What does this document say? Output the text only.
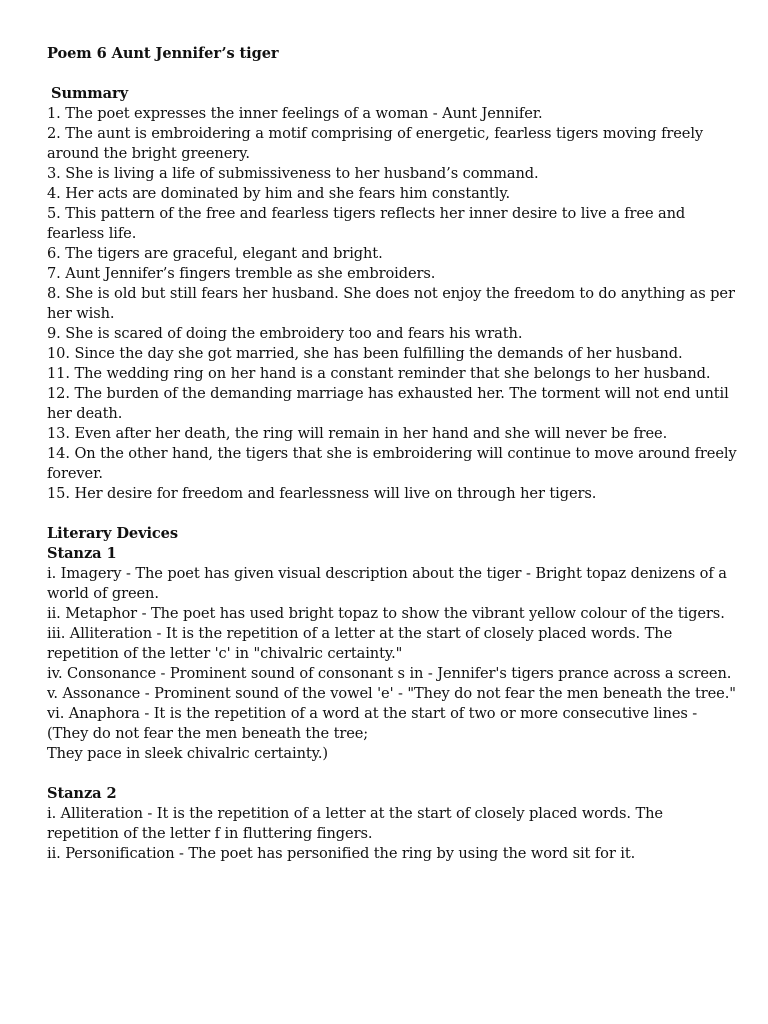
Poem 6 Aunt Jennifer’s tiger

Summary

1. The poet expresses the inner feelings of a woman - Aunt Jennifer.

2. The aunt is embroidering a motif comprising of energetic, fearless tigers moving freely around the bright greenery.

3. She is living a life of submissiveness to her husband’s command.

4. Her acts are dominated by him and she fears him constantly.

5. This pattern of the free and fearless tigers reflects her inner desire to live a free and fearless life.

6. The tigers are graceful, elegant and bright.

7. Aunt Jennifer’s fingers tremble as she embroiders.

8. She is old but still fears her husband. She does not enjoy the freedom to do anything as per her wish.

9. She is scared of doing the embroidery too and fears his wrath.

10. Since the day she got married, she has been fulfilling the demands of her husband.

11. The wedding ring on her hand is a constant reminder that she belongs to her husband.

12. The burden of the demanding marriage has exhausted her. The torment will not end until her death.

13. Even after her death, the ring will remain in her hand and she will never be free.

14. On the other hand, the tigers that she is embroidering will continue to move around freely forever.

15. Her desire for freedom and fearlessness will live on through her tigers.

Literary Devices

Stanza 1

i. Imagery - The poet has given visual description about the tiger - Bright topaz denizens of a world of green.

ii. Metaphor - The poet has used bright topaz to show the vibrant yellow colour of the tigers.

iii. Alliteration - It is the repetition of a letter at the start of closely placed words. The repetition of the letter 'c' in "chivalric certainty."

iv. Consonance - Prominent sound of consonant s in - Jennifer's tigers prance across a screen.

v. Assonance - Prominent sound of the vowel 'e' - "They do not fear the men beneath the tree."

vi. Anaphora - It is the repetition of a word at the start of two or more consecutive lines - (They do not fear the men beneath the tree;

They pace in sleek chivalric certainty.)

Stanza 2

i. Alliteration - It is the repetition of a letter at the start of closely placed words. The repetition of the letter f in fluttering fingers.

ii. Personification - The poet has personified the ring by using the word sit for it.
